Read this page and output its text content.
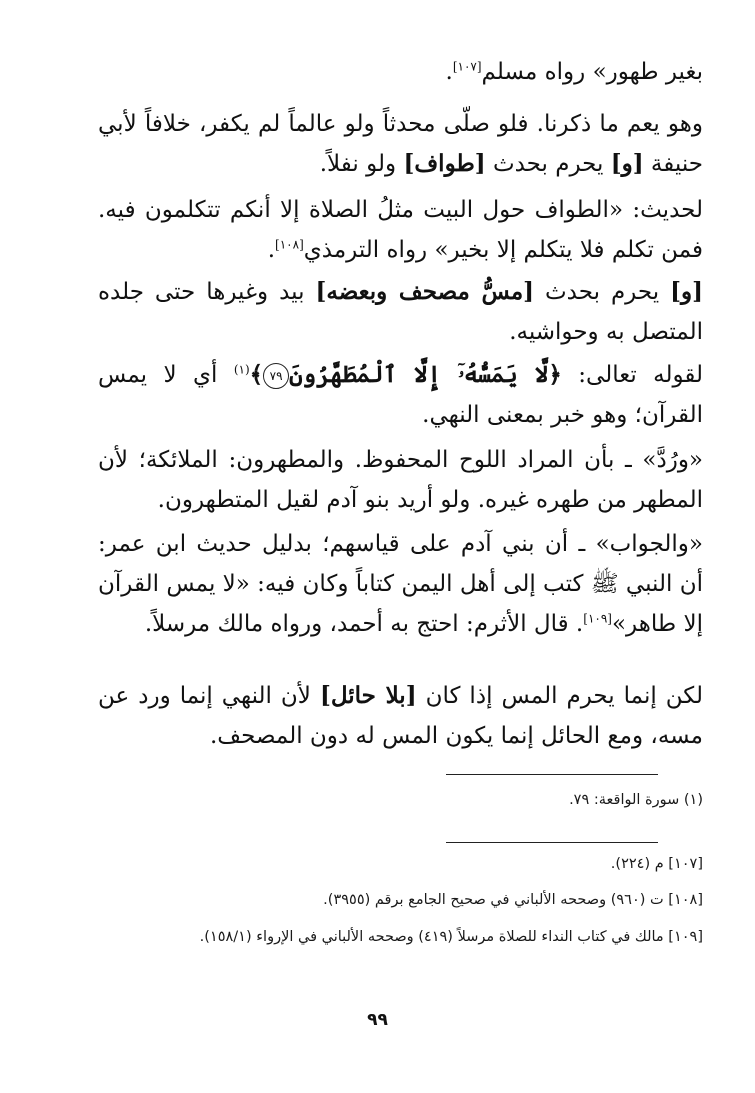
بغير طهور» رواه مسلم[١٠٧].
وهو يعم ما ذكرنا. فلو صلّى محدثاً ولو عالماً لم يكفر، خلافاً لأبي حنيفة [و] يحرم بحدث [طواف] ولو نفلاً.
لحديث: «الطواف حول البيت مثلُ الصلاة إلا أنكم تتكلمون فيه. فمن تكلم فلا يتكلم إلا بخير» رواه الترمذي[١٠٨].
[و] يحرم بحدث [مسُّ مصحف وبعضه] بيد وغيرها حتى جلده المتصل به وحواشيه.
لقوله تعالى: ﴿لَّا يَمَسُّهُۥٓ إِلَّا ٱلْمُطَهَّرُونَ٧٩﴾$^{(١)}$ أي لا يمس القرآن؛ وهو خبر بمعنى النهي.
«ورُدَّ» ـ بأن المراد اللوح المحفوظ. والمطهرون: الملائكة؛ لأن المطهر من طهره غيره. ولو أريد بنو آدم لقيل المتطهرون.
«والجواب» ـ أن بني آدم على قياسهم؛ بدليل حديث ابن عمر: أن النبي ﷺ كتب إلى أهل اليمن كتاباً وكان فيه: «لا يمس القرآن إلا طاهر»[١٠٩]. قال الأثرم: احتج به أحمد، ورواه مالك مرسلاً.
لكن إنما يحرم المس إذا كان [بلا حائل] لأن النهي إنما ورد عن مسه، ومع الحائل إنما يكون المس له دون المصحف.
(١) سورة الواقعة: ٧٩.
[١٠٧] م (٢٢٤).
[١٠٨] ت (٩٦٠) وصححه الألباني في صحيح الجامع برقم (٣٩٥٥).
[١٠٩] مالك في كتاب النداء للصلاة مرسلاً (٤١٩) وصححه الألباني في الإرواء (١٥٨/١).
٩٩
